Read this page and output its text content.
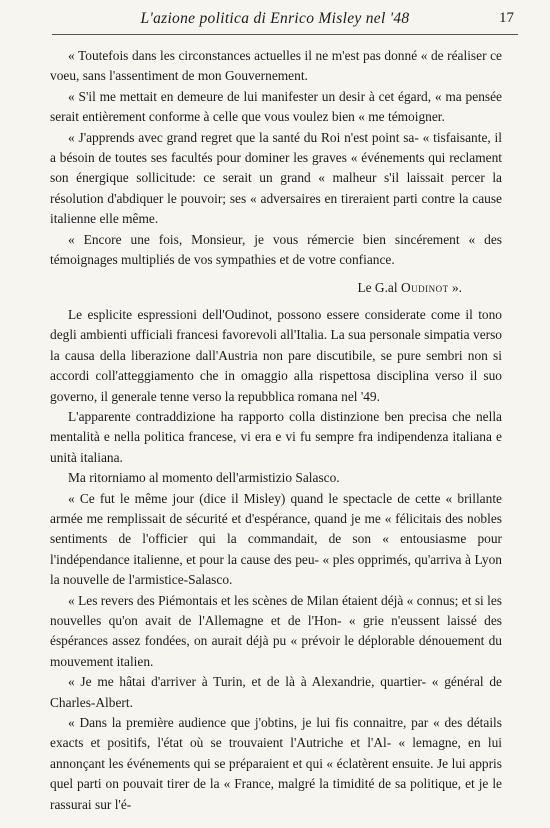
L'azione politica di Enrico Misley nel '48	17

« Toutefois dans les circonstances actuelles il ne m'est pas donné « de réaliser ce voeu, sans l'assentiment de mon Gouvernement.

« S'il me mettait en demeure de lui manifester un desir à cet égard, « ma pensée serait entièrement conforme à celle que vous voulez bien « me témoigner.

« J'apprends avec grand regret que la santé du Roi n'est point sa- « tisfaisante, il a bésoin de toutes ses facultés pour dominer les graves « événements qui reclament son énergique sollicitude: ce serait un grand « malheur s'il laissait percer la résolution d'abdiquer le pouvoir; ses « adversaires en tireraient parti contre la cause italienne elle même.

« Encore une fois, Monsieur, je vous rémercie bien sincérement « des témoignages multipliés de vos sympathies et de votre confiance.

Le G.al Oudinot ».

Le esplicite espressioni dell'Oudinot, possono essere considerate come il tono degli ambienti ufficiali francesi favorevoli all'Italia. La sua personale simpatia verso la causa della liberazione dall'Austria non pare discutibile, se pure sembri non si accordi coll'atteggiamento che in omaggio alla rispettosa disciplina verso il suo governo, il generale tenne verso la repubblica romana nel '49.

L'apparente contraddizione ha rapporto colla distinzione ben precisa che nella mentalità e nella politica francese, vi era e vi fu sempre fra indipendenza italiana e unità italiana.

Ma ritorniamo al momento dell'armistizio Salasco.

« Ce fut le même jour (dice il Misley) quand le spectacle de cette « brillante armée me remplissait de sécurité et d'espérance, quand je me « félicitais des nobles sentiments de l'officier qui la commandait, de son « entousiasme pour l'indépendance italienne, et pour la cause des peu- « ples opprimés, qu'arriva à Lyon la nouvelle de l'armistice-Salasco.

« Les revers des Piémontais et les scènes de Milan étaient déjà « connus; et si les nouvelles qu'on avait de l'Allemagne et de l'Hon- « grie n'eussent laissé des éspérances assez fondées, on aurait déjà pu « prévoir le déplorable dénouement du mouvement italien.

« Je me hâtai d'arriver à Turin, et de là à Alexandrie, quartier- « général de Charles-Albert.

« Dans la première audience que j'obtins, je lui fis connaitre, par « des détails exacts et positifs, l'état où se trouvaient l'Autriche et l'Al- « lemagne, en lui annonçant les événements qui se préparaient et qui « éclatèrent ensuite. Je lui appris quel parti on pouvait tirer de la « France, malgré la timidité de sa politique, et je le rassurai sur l'é-
